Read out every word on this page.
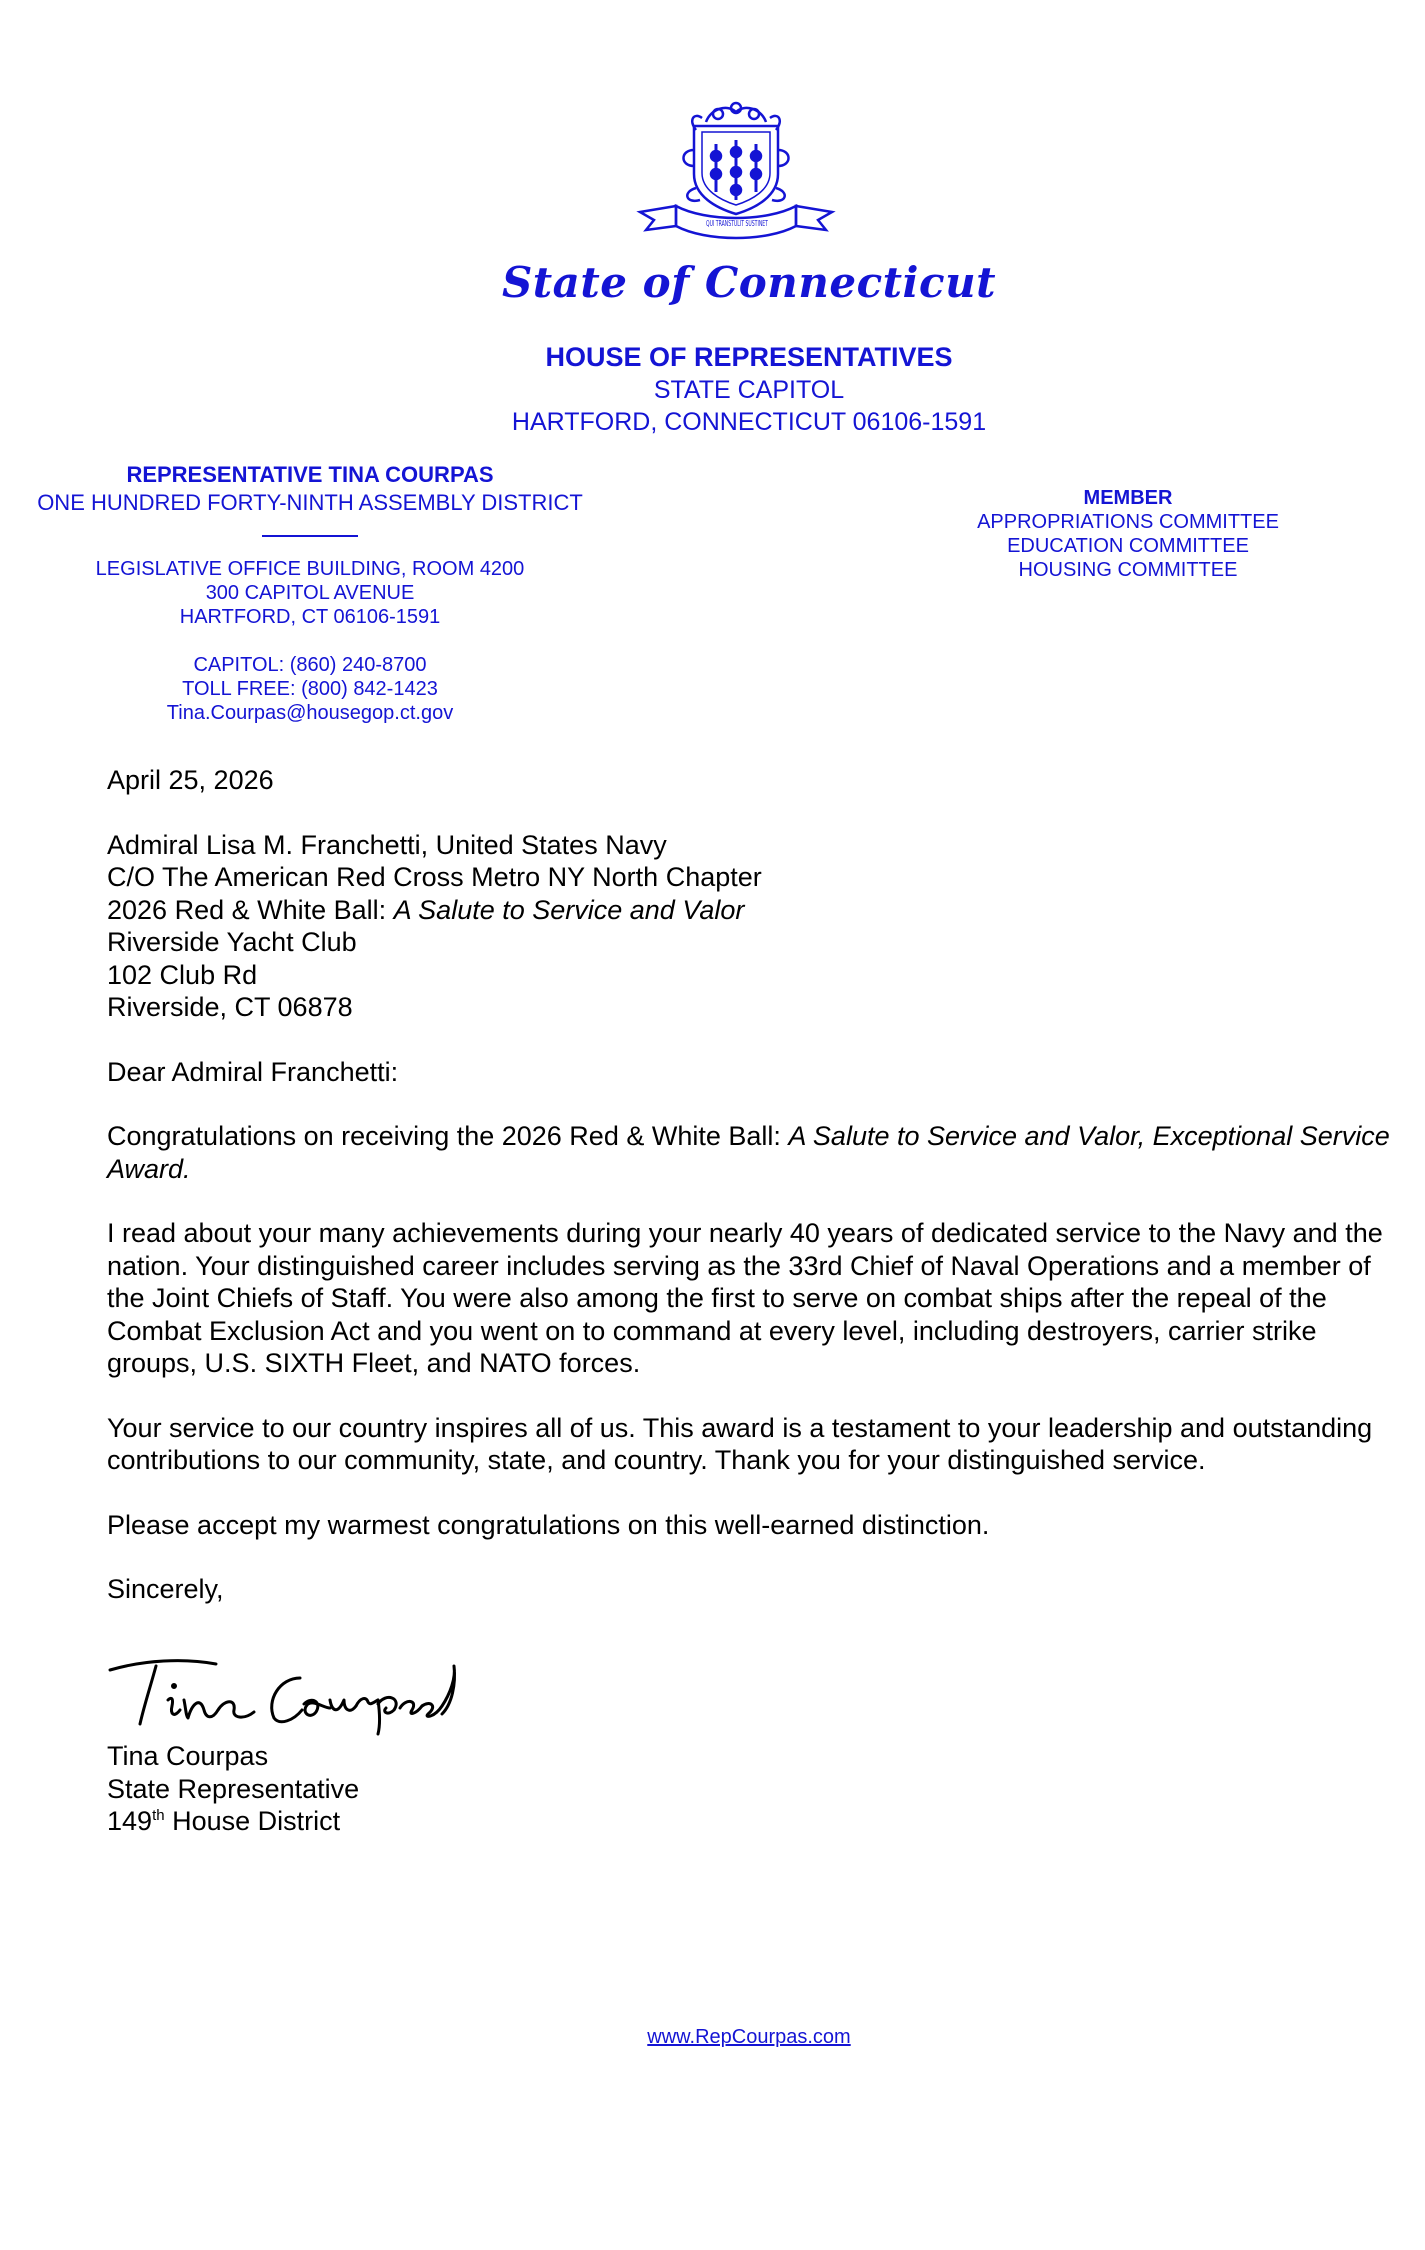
QUI TRANSTULIT SUSTINET
State of Connecticut
HOUSE OF REPRESENTATIVES
STATE CAPITOL
HARTFORD, CONNECTICUT 06106-1591
REPRESENTATIVE TINA COURPAS
ONE HUNDRED FORTY-NINTH ASSEMBLY DISTRICT
LEGISLATIVE OFFICE BUILDING, ROOM 4200
300 CAPITOL AVENUE
HARTFORD, CT 06106-1591
CAPITOL: (860) 240-8700
TOLL FREE: (800) 842-1423
Tina.Courpas@housegop.ct.gov
MEMBER
APPROPRIATIONS COMMITTEE
EDUCATION COMMITTEE
HOUSING COMMITTEE

April 25, 2026

Admiral Lisa M. Franchetti, United States Navy

C/O The American Red Cross Metro NY North Chapter

2026 Red & White Ball: A Salute to Service and Valor

Riverside Yacht Club

102 Club Rd

Riverside, CT 06878

Dear Admiral Franchetti:

Congratulations on receiving the 2026 Red & White Ball: A Salute to Service and Valor, Exceptional Service Award.

I read about your many achievements during your nearly 40 years of dedicated service to the Navy and the nation. Your distinguished career includes serving as the 33rd Chief of Naval Operations and a member of the Joint Chiefs of Staff. You were also among the first to serve on combat ships after the repeal of the Combat Exclusion Act and you went on to command at every level, including destroyers, carrier strike groups, U.S. SIXTH Fleet, and NATO forces.

Your service to our country inspires all of us. This award is a testament to your leadership and outstanding contributions to our community, state, and country. Thank you for your distinguished service.

Please accept my warmest congratulations on this well-earned distinction.

Sincerely,

Tina Courpas
State Representative
149th House District
www.RepCourpas.com
